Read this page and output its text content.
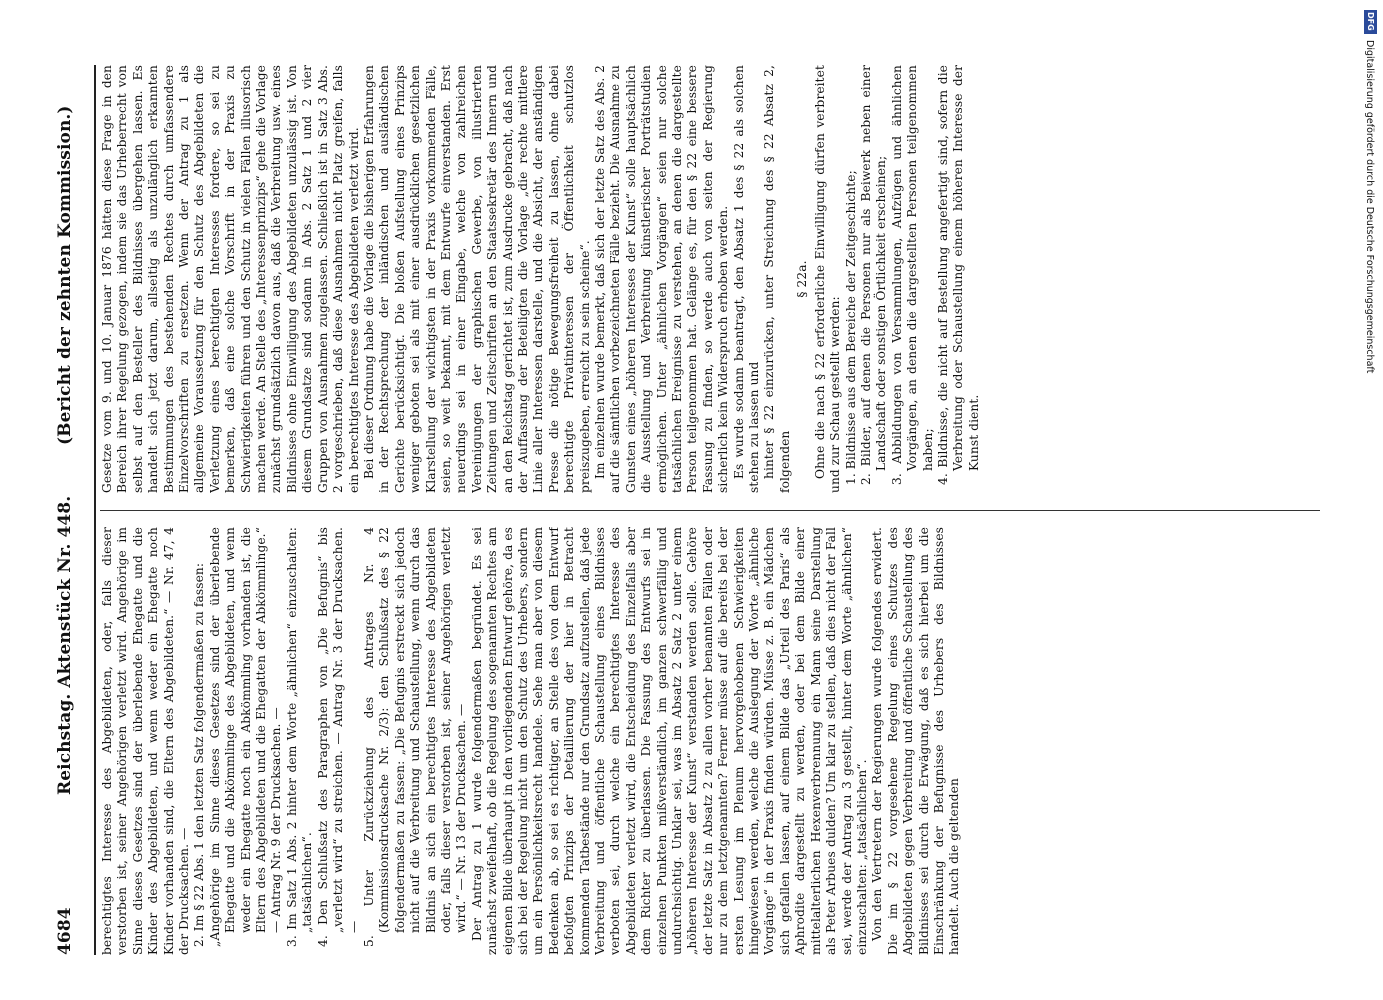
4684
Reichstag. Aktenstück Nr. 448.
(Bericht der zehnten Kommission.)

berechtigtes Interesse des Abgebildeten, oder, falls dieser verstorben ist, seiner Angehörigen verletzt wird. Angehörige im Sinne dieses Gesetzes sind der überlebende Ehegatte und die Kinder des Abgebildeten, und wenn weder ein Ehegatte noch Kinder vorhanden sind, die Eltern des Abgebildeten.“ — Nr. 47, 4 der Drucksachen. — 2. Im § 22 Abs. 1 den letzten Satz folgendermaßen zu fassen: „Angehörige im Sinne dieses Gesetzes sind der überlebende Ehegatte und die Abkömmlinge des Abgebildeten, und wenn weder ein Ehegatte noch ein Abkömmling vorhanden ist, die Eltern des Abgebildeten und die Ehegatten der Abkömmlinge.“ — Antrag Nr. 9 der Drucksachen. — 3. Im Satz 1 Abs. 2 hinter dem Worte „ähnlichen“ einzuschalten: „tatsächlichen“. 4. Den Schlußsatz des Paragraphen von „Die Befugnis“ bis „verletzt wird“ zu streichen. — Antrag Nr. 3 der Drucksachen. — 5. Unter Zurückziehung des Antrages Nr. 4 (Kommissionsdrucksache Nr. 2/3): den Schlußsatz des § 22 folgendermaßen zu fassen: „Die Befugnis erstreckt sich jedoch nicht auf die Verbreitung und Schaustellung, wenn durch das Bildnis an sich ein berechtigtes Interesse des Abgebildeten oder, falls dieser verstorben ist, seiner Angehörigen verletzt wird.“ — Nr. 13 der Drucksachen. — Der Antrag zu 1 wurde folgendermaßen begründet. Es sei zunächst zweifelhaft, ob die Regelung des sogenannten Rechtes am eigenen Bilde überhaupt in den vorliegenden Entwurf gehöre, da es sich bei der Regelung nicht um den Schutz des Urhebers, sondern um ein Persönlichkeitsrecht handele. Sehe man aber von diesem Bedenken ab, so sei es richtiger, an Stelle des von dem Entwurf befolgten Prinzips der Detaillierung der hier in Betracht kommenden Tatbestände nur den Grundsatz aufzustellen, daß jede Verbreitung und öffentliche Schaustellung eines Bildnisses verboten sei, durch welche ein berechtigtes Interesse des Abgebildeten verletzt wird, die Entscheidung des Einzelfalls aber dem Richter zu überlassen. Die Fassung des Entwurfs sei in einzelnen Punkten mißverständlich, im ganzen schwerfällig und undurchsichtig. Unklar sei, was im Absatz 2 Satz 2 unter einem „höheren Interesse der Kunst“ verstanden werden solle. Gehöre der letzte Satz in Absatz 2 zu allen vorher benannten Fällen oder nur zu dem letztgenannten? Ferner müsse auf die bereits bei der ersten Lesung im Plenum hervorgehobenen Schwierigkeiten hingewiesen werden, welche die Auslegung der Worte „ähnliche Vorgänge“ in der Praxis finden würden. Müsse z. B. ein Mädchen sich gefallen lassen, auf einem Bilde das „Urteil des Paris“ als Aphrodite dargestellt zu werden, oder bei dem Bilde einer mittelalterlichen Hexenverbrennung ein Mann seine Darstellung als Peter Arbues dulden? Um klar zu stellen, daß dies nicht der Fall sei, werde der Antrag zu 3 gestellt, hinter dem Worte „ähnlichen“ einzuschalten: „tatsächlichen“. Von den Vertretern der Regierungen wurde folgendes erwidert. Die im § 22 vorgesehene Regelung eines Schutzes des Abgebildeten gegen Verbreitung und öffentliche Schaustellung des Bildnisses sei durch die Erwägung, daß es sich hierbei um die Einschränkung der Befugnisse des Urhebers des Bildnisses handelt. Auch die geltenden

Gesetze vom 9. und 10. Januar 1876 hätten diese Frage in den Bereich ihrer Regelung gezogen, indem sie das Urheberrecht von selbst auf den Besteller des Bildnisses übergehen lassen. Es handelt sich jetzt darum, allseitig als unzulänglich erkannten Bestimmungen des bestehenden Rechtes durch umfassendere Einzelvorschriften zu ersetzen. Wenn der Antrag zu 1 als allgemeine Voraussetzung für den Schutz des Abgebildeten die Verletzung eines berechtigten Interesses fordere, so sei zu bemerken, daß eine solche Vorschrift in der Praxis zu Schwierigkeiten führen und den Schutz in vielen Fällen illusorisch machen werde. An Stelle des „Interessenprinzips“ gehe die Vorlage zunächst grundsätzlich davon aus, daß die Verbreitung usw. eines Bildnisses ohne Einwilligung des Abgebildeten unzulässig ist. Von diesem Grundsatze sind sodann in Abs. 2 Satz 1 und 2 vier Gruppen von Ausnahmen zugelassen. Schließlich ist in Satz 3 Abs. 2 vorgeschrieben, daß diese Ausnahmen nicht Platz greifen, falls ein berechtigtes Interesse des Abgebildeten verletzt wird. Bei dieser Ordnung habe die Vorlage die bisherigen Erfahrungen in der Rechtsprechung der inländischen und ausländischen Gerichte berücksichtigt. Die bloßen Aufstellung eines Prinzips weniger geboten sei als mit einer ausdrücklichen gesetzlichen Klarstellung der wichtigsten in der Praxis vorkommenden Fälle, seien, so weit bekannt, mit dem Entwurfe einverstanden. Erst neuerdings sei in einer Eingabe, welche von zahlreichen Vereinigungen der graphischen Gewerbe, von illustrierten Zeitungen und Zeitschriften an den Staatssekretär des Innern und an den Reichstag gerichtet ist, zum Ausdrucke gebracht, daß nach der Auffassung der Beteiligten die Vorlage „die rechte mittlere Linie aller Interessen darstelle, und die Absicht, der anständigen Presse die nötige Bewegungsfreiheit zu lassen, ohne dabei berechtigte Privatinteressen der Öffentlichkeit schutzlos preiszugeben, erreicht zu sein scheine“. Im einzelnen wurde bemerkt, daß sich der letzte Satz des Abs. 2 auf die sämtlichen vorbezeichneten Fälle bezieht. Die Ausnahme zu Gunsten eines „höheren Interesses der Kunst“ solle hauptsächlich die Ausstellung und Verbreitung künstlerischer Porträtstudien ermöglichen. Unter „ähnlichen Vorgängen“ seien nur solche tatsächlichen Ereignisse zu verstehen, an denen die dargestellte Person teilgenommen hat. Gelänge es, für den § 22 eine bessere Fassung zu finden, so werde auch von seiten der Regierung sicherlich kein Widerspruch erhoben werden. Es wurde sodann beantragt, den Absatz 1 des § 22 als solchen stehen zu lassen und hinter § 22 einzurücken, unter Streichung des § 22 Absatz 2, folgenden

§ 22a. Ohne die nach § 22 erforderliche Einwilligung dürfen verbreitet und zur Schau gestellt werden: 1. Bildnisse aus dem Bereiche der Zeitgeschichte; 2. Bilder, auf denen die Personen nur als Beiwerk neben einer Landschaft oder sonstigen Örtlichkeit erscheinen; 3. Abbildungen von Versammlungen, Aufzügen und ähnlichen Vorgängen, an denen die dargestellten Personen teilgenommen haben; 4. Bildnisse, die nicht auf Bestellung angefertigt sind, sofern die Verbreitung oder Schaustellung einem höheren Interesse der Kunst dient.

DFG
Digitalisierung gefördert durch die Deutsche Forschungsgemeinschaft
